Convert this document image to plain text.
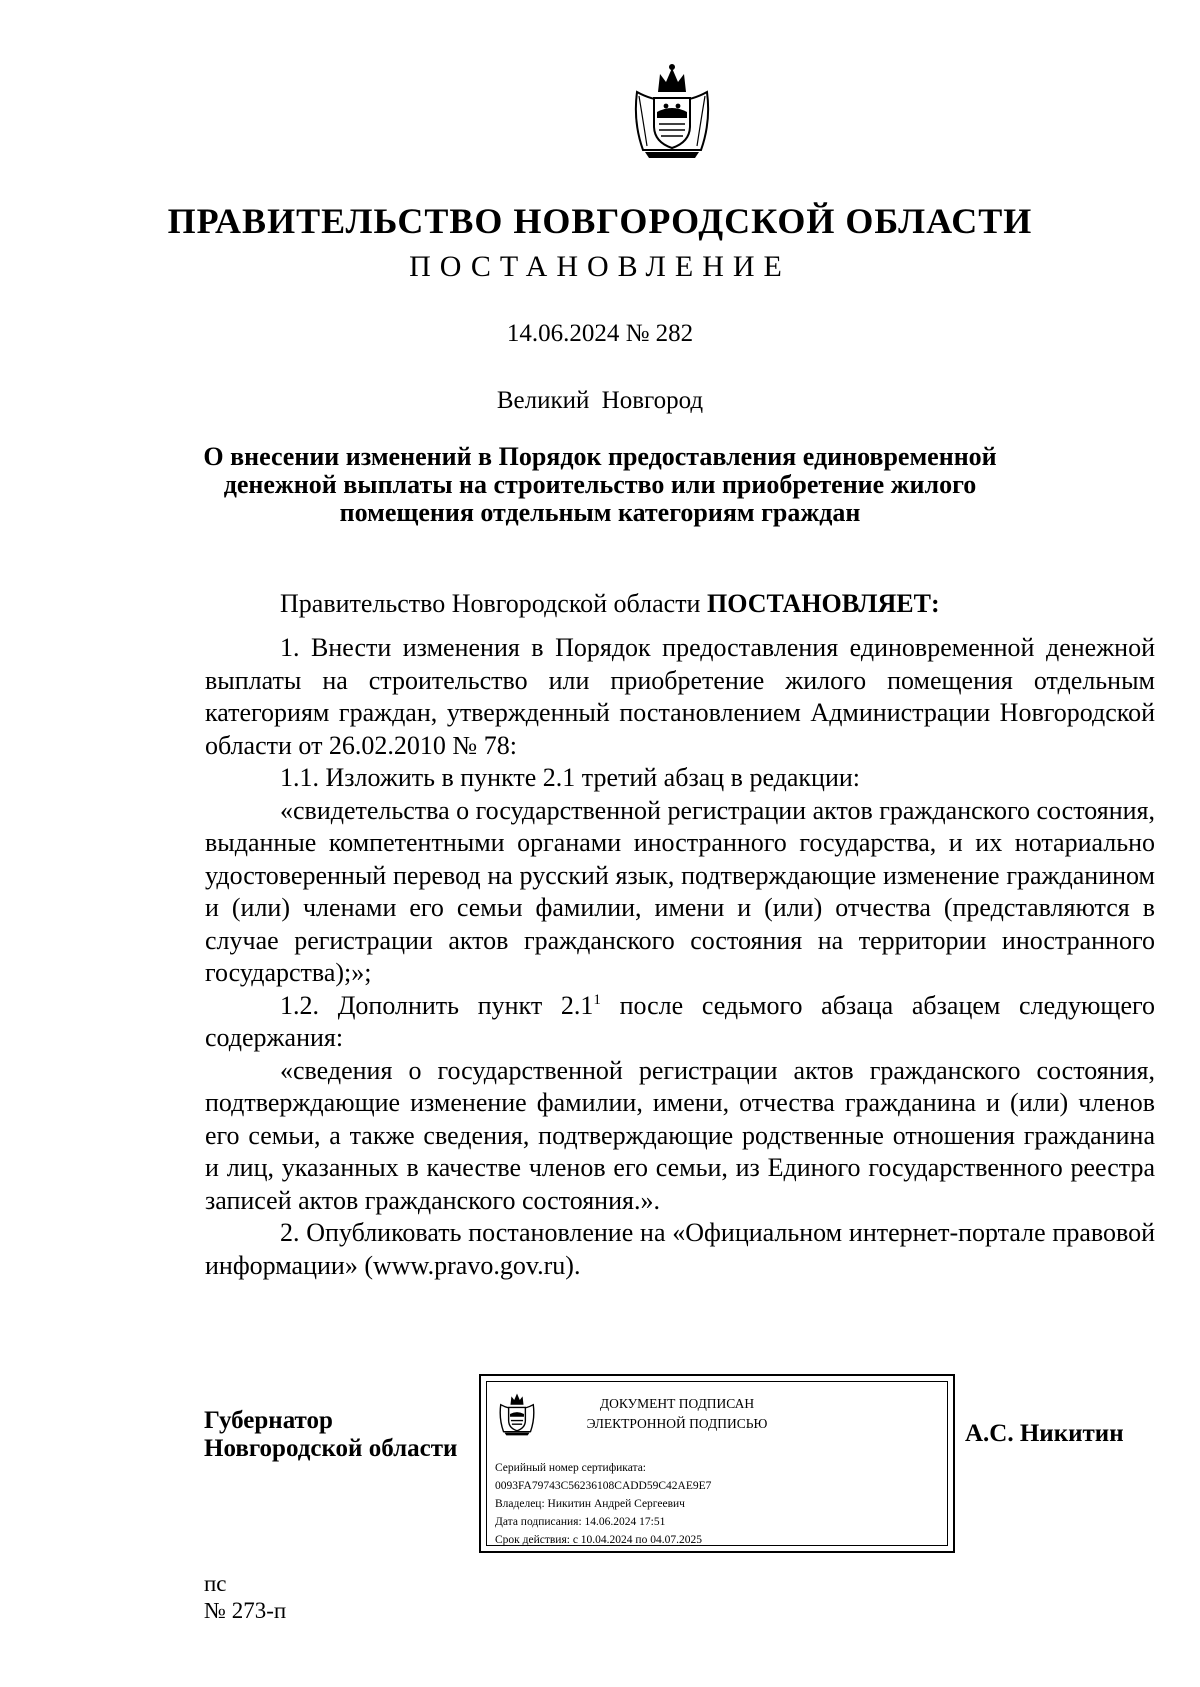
ПРАВИТЕЛЬСТВО НОВГОРОДСКОЙ ОБЛАСТИ
ПОСТАНОВЛЕНИЕ
14.06.2024 № 282
Великий Новгород
О внесении изменений в Порядок предоставления единовременной
денежной выплаты на строительство или приобретение жилого
помещения отдельным категориям граждан

Правительство Новгородской области ПОСТАНОВЛЯЕТ:

1. Внести изменения в Порядок предоставления единовременной денежной выплаты на строительство или приобретение жилого помещения отдельным категориям граждан, утвержденный постановлением Администрации Новгородской области от 26.02.2010 № 78:

1.1. Изложить в пункте 2.1 третий абзац в редакции:

«свидетельства о государственной регистрации актов гражданского состояния, выданные компетентными органами иностранного государства, и их нотариально удостоверенный перевод на русский язык, подтверждающие изменение гражданином и (или) членами его семьи фамилии, имени и (или) отчества (представляются в случае регистрации актов гражданского состояния на территории иностранного государства);»;

1.2. Дополнить пункт $2.1^1$ после седьмого абзаца абзацем следующего содержания:

«сведения о государственной регистрации актов гражданского состояния, подтверждающие изменение фамилии, имени, отчества гражданина и (или) членов его семьи, а также сведения, подтверждающие родственные отношения гражданина и лиц, указанных в качестве членов его семьи, из Единого государственного реестра записей актов гражданского состояния.».

2. Опубликовать постановление на «Официальном интернет-портале правовой информации» (www.pravo.gov.ru).

Губернатор
Новгородской области
ДОКУМЕНТ ПОДПИСАН
ЭЛЕКТРОННОЙ ПОДПИСЬЮ
Серийный номер сертификата:
0093FA79743C56236108CADD59C42AE9E7
Владелец: Никитин Андрей Сергеевич
Дата подписания: 14.06.2024 17:51
Срок действия: с 10.04.2024 по 04.07.2025
А.С. Никитин
пс
№ 273-п
